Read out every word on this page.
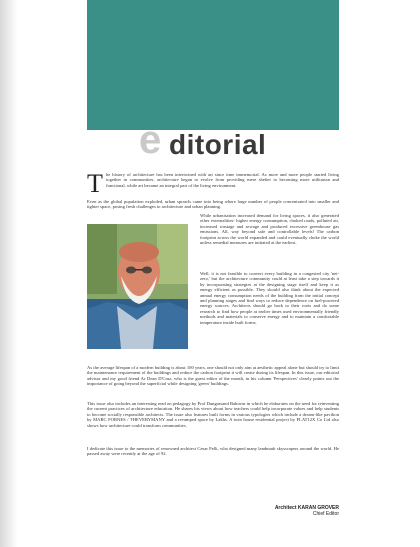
e ditorial
T he history of architecture has been intertwined with art since time immemorial. As more and more people started living together in communities, architecture began to evolve from providing mere shelter to becoming more utilitarian and functional, while art became an integral part of the living environment.

Even as the global population exploded, urban sprawls came into being where large number of people concentrated into smaller and tighter space, posing fresh challenges to architecture and urban planning.

While urbanisation increased demand for living spaces, it also generated other externalities- higher energy consumption, choked roads, polluted air, increased wastage and sewage and produced excessive greenhouse gas emissions. All, way beyond safe and controllable levels! The carbon footprint across the world expanded and could eventually choke the world unless remedial measures are initiated at the earliest.

Well, it is not feasible to convert every building in a congested city 'net-zero,' but the architecture community could at least take a step towards it by incorporating strategies at the designing stage itself and keep it as energy efficient as possible. They should also think about the expected annual energy consumption needs of the building from the initial concept and planning stages and find ways to reduce dependence on fuel-powered energy sources. Architects should go back to their roots and do some research to find how people at earlier times used environmentally friendly methods and materials to conserve energy and to maintain a comfortable temperature inside built forms.

As the average lifespan of a modern building is about 100 years, one should not only aim at aesthetic appeal alone but should try to limit the maintenance requirement of the buildings and reduce the carbon footprint it will create during its lifespan. In this issue, our editorial advisor and my good friend Ar Dean D'Cruz, who is the guest editor of the month, in his column 'Perspectives' clearly points out the importance of going beyond the superficial while designing 'green' buildings.

This issue also includes an interesting read on pedagogy by Prof Dungarsand Bahuvar in which he elaborates on the need for reinventing the current practices of architecture education. He shares his views about how teachers could help incorporate values and help students to become socially responsible architects. The issue also features built forms in various typologies which include a dream-like pavilion by MARC FORNES / THEVERYMANY and a revamped space by Lakhs. A twin house residential project by FLAT12X Co Ltd also shows how architecture could transform communities.

I dedicate this issue to the memories of renowned architect Cesar Pelli, who designed many landmark skyscrapers around the world. He passed away were recently at the age of 92.

Architect KARAN GROVER
Chief Editor
